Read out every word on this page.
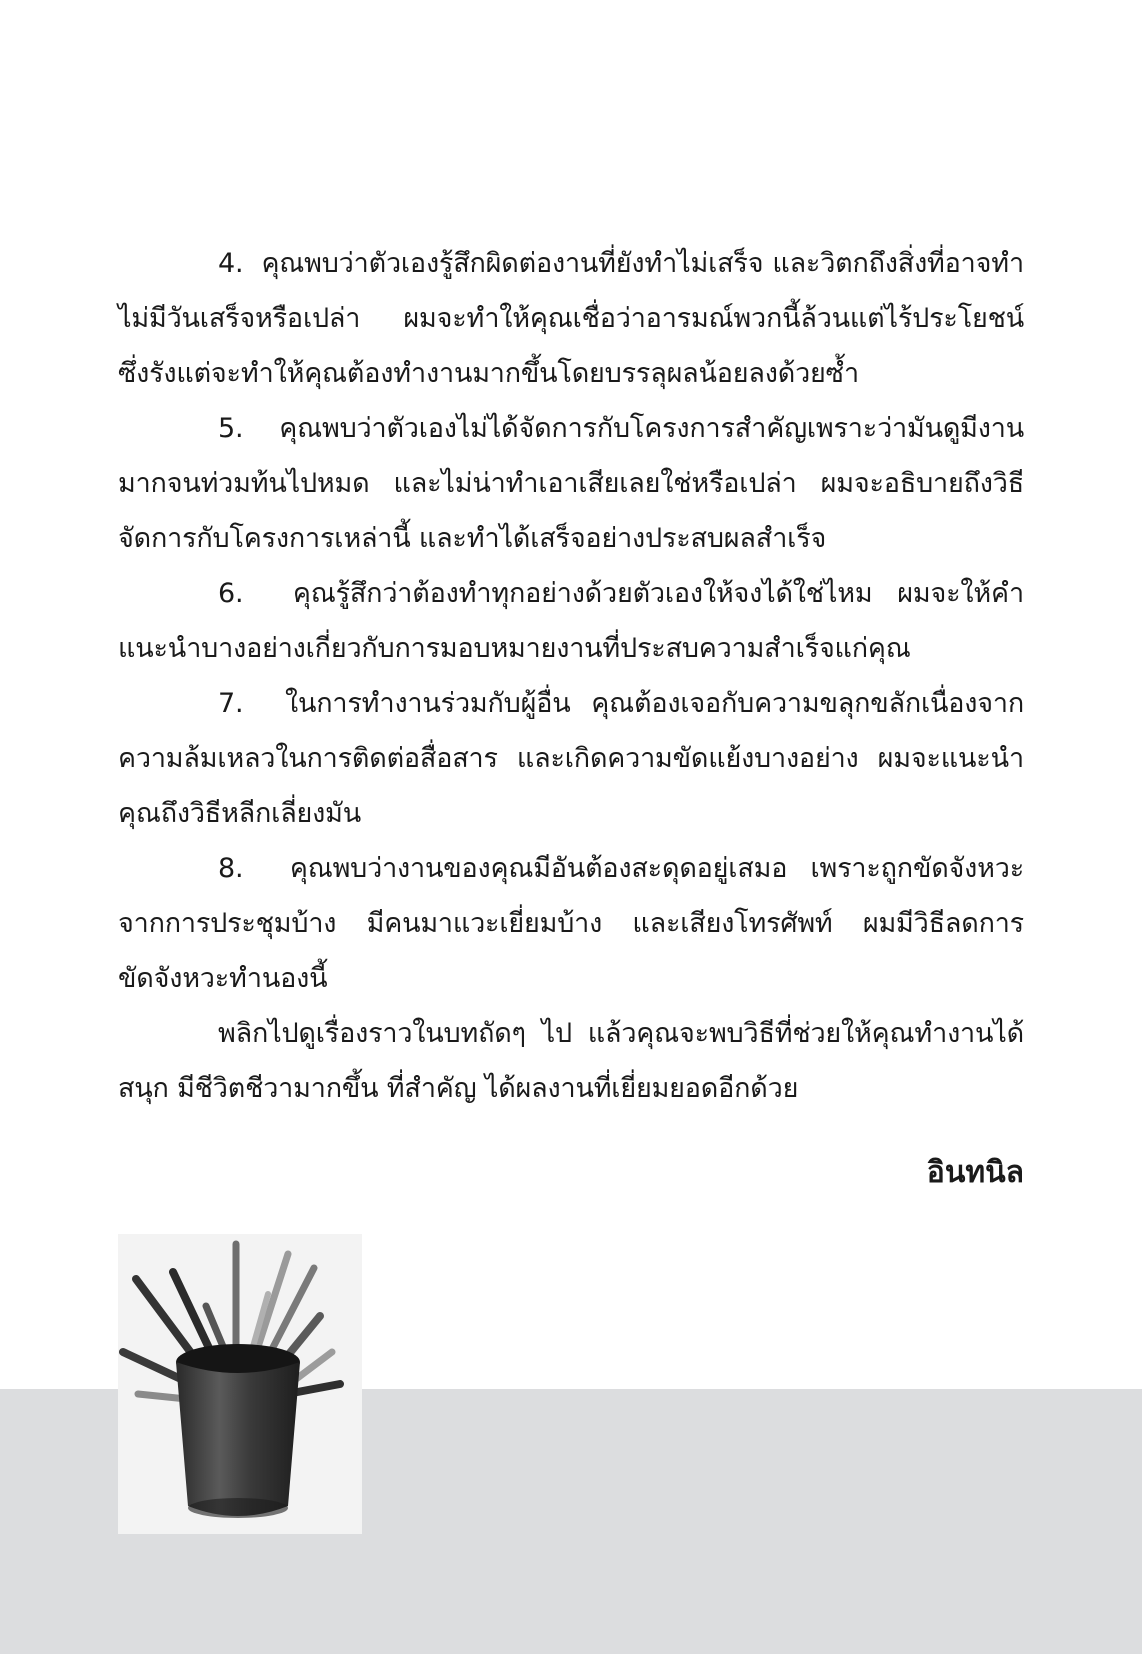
4. คุณพบว่าตัวเองรู้สึกผิดต่องานที่ยังทำไม่เสร็จ และวิตกถึงสิ่งที่อาจทำไม่มีวันเสร็จหรือเปล่า ผมจะทำให้คุณเชื่อว่าอารมณ์พวกนี้ล้วนแต่ไร้ประโยชน์ ซึ่งรังแต่จะทำให้คุณต้องทำงานมากขึ้นโดยบรรลุผลน้อยลงด้วยซ้ำ

5. คุณพบว่าตัวเองไม่ได้จัดการกับโครงการสำคัญเพราะว่ามันดูมีงานมากจนท่วมท้นไปหมด และไม่น่าทำเอาเสียเลยใช่หรือเปล่า ผมจะอธิบายถึงวิธีจัดการกับโครงการเหล่านี้ และทำได้เสร็จอย่างประสบผลสำเร็จ

6. คุณรู้สึกว่าต้องทำทุกอย่างด้วยตัวเองให้จงได้ใช่ไหม ผมจะให้คำแนะนำบางอย่างเกี่ยวกับการมอบหมายงานที่ประสบความสำเร็จแก่คุณ

7. ในการทำงานร่วมกับผู้อื่น คุณต้องเจอกับความขลุกขลักเนื่องจากความล้มเหลวในการติดต่อสื่อสาร และเกิดความขัดแย้งบางอย่าง ผมจะแนะนำคุณถึงวิธีหลีกเลี่ยงมัน

8. คุณพบว่างานของคุณมีอันต้องสะดุดอยู่เสมอ เพราะถูกขัดจังหวะจากการประชุมบ้าง มีคนมาแวะเยี่ยมบ้าง และเสียงโทรศัพท์ ผมมีวิธีลดการขัดจังหวะทำนองนี้

พลิกไปดูเรื่องราวในบทถัดๆ ไป แล้วคุณจะพบวิธีที่ช่วยให้คุณทำงานได้สนุก มีชีวิตชีวามากขึ้น ที่สำคัญ ได้ผลงานที่เยี่ยมยอดอีกด้วย

อินทนิล
